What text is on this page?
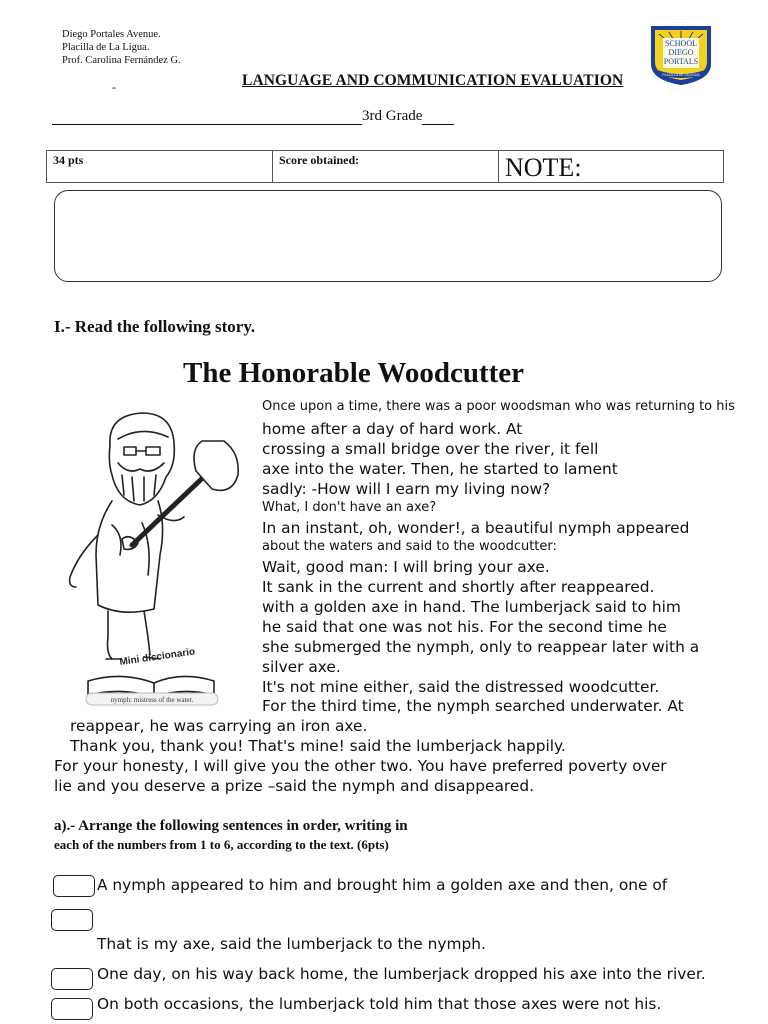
Diego Portales Avenue.
Placilla de La Ligua.
Prof. Carolina Fernández G.
-	LANGUAGE AND COMMUNICATION EVALUATION
SCHOOL
DIEGO
PORTALS
PLACILLA DE LA LIGUA
3rd Grade
34 pts	Score obtained:	NOTE:
I.- Read the following story.
The Honorable Woodcutter
Mini diccionario
nymph: mistress of the water.
Once upon a time, there was a poor woodsman who was returning to his
home after a day of hard work. At
crossing a small bridge over the river, it fell
axe into the water. Then, he started to lament
sadly: -How will I earn my living now?
What, I don't have an axe?
In an instant, oh, wonder!, a beautiful nymph appeared
about the waters and said to the woodcutter:
Wait, good man: I will bring your axe.
It sank in the current and shortly after reappeared.
with a golden axe in hand. The lumberjack said to him
he said that one was not his. For the second time he
she submerged the nymph, only to reappear later with a
silver axe.
It's not mine either, said the distressed woodcutter.
For the third time, the nymph searched underwater. At
reappear, he was carrying an iron axe.
Thank you, thank you! That's mine! said the lumberjack happily.
For your honesty, I will give you the other two. You have preferred poverty over
lie and you deserve a prize –said the nymph and disappeared.
a).- Arrange the following sentences in order, writing in
each of the numbers from 1 to 6, according to the text. (6pts)
A nymph appeared to him and brought him a golden axe and then, one of
That is my axe, said the lumberjack to the nymph.
One day, on his way back home, the lumberjack dropped his axe into the river.
On both occasions, the lumberjack told him that those axes were not his.
